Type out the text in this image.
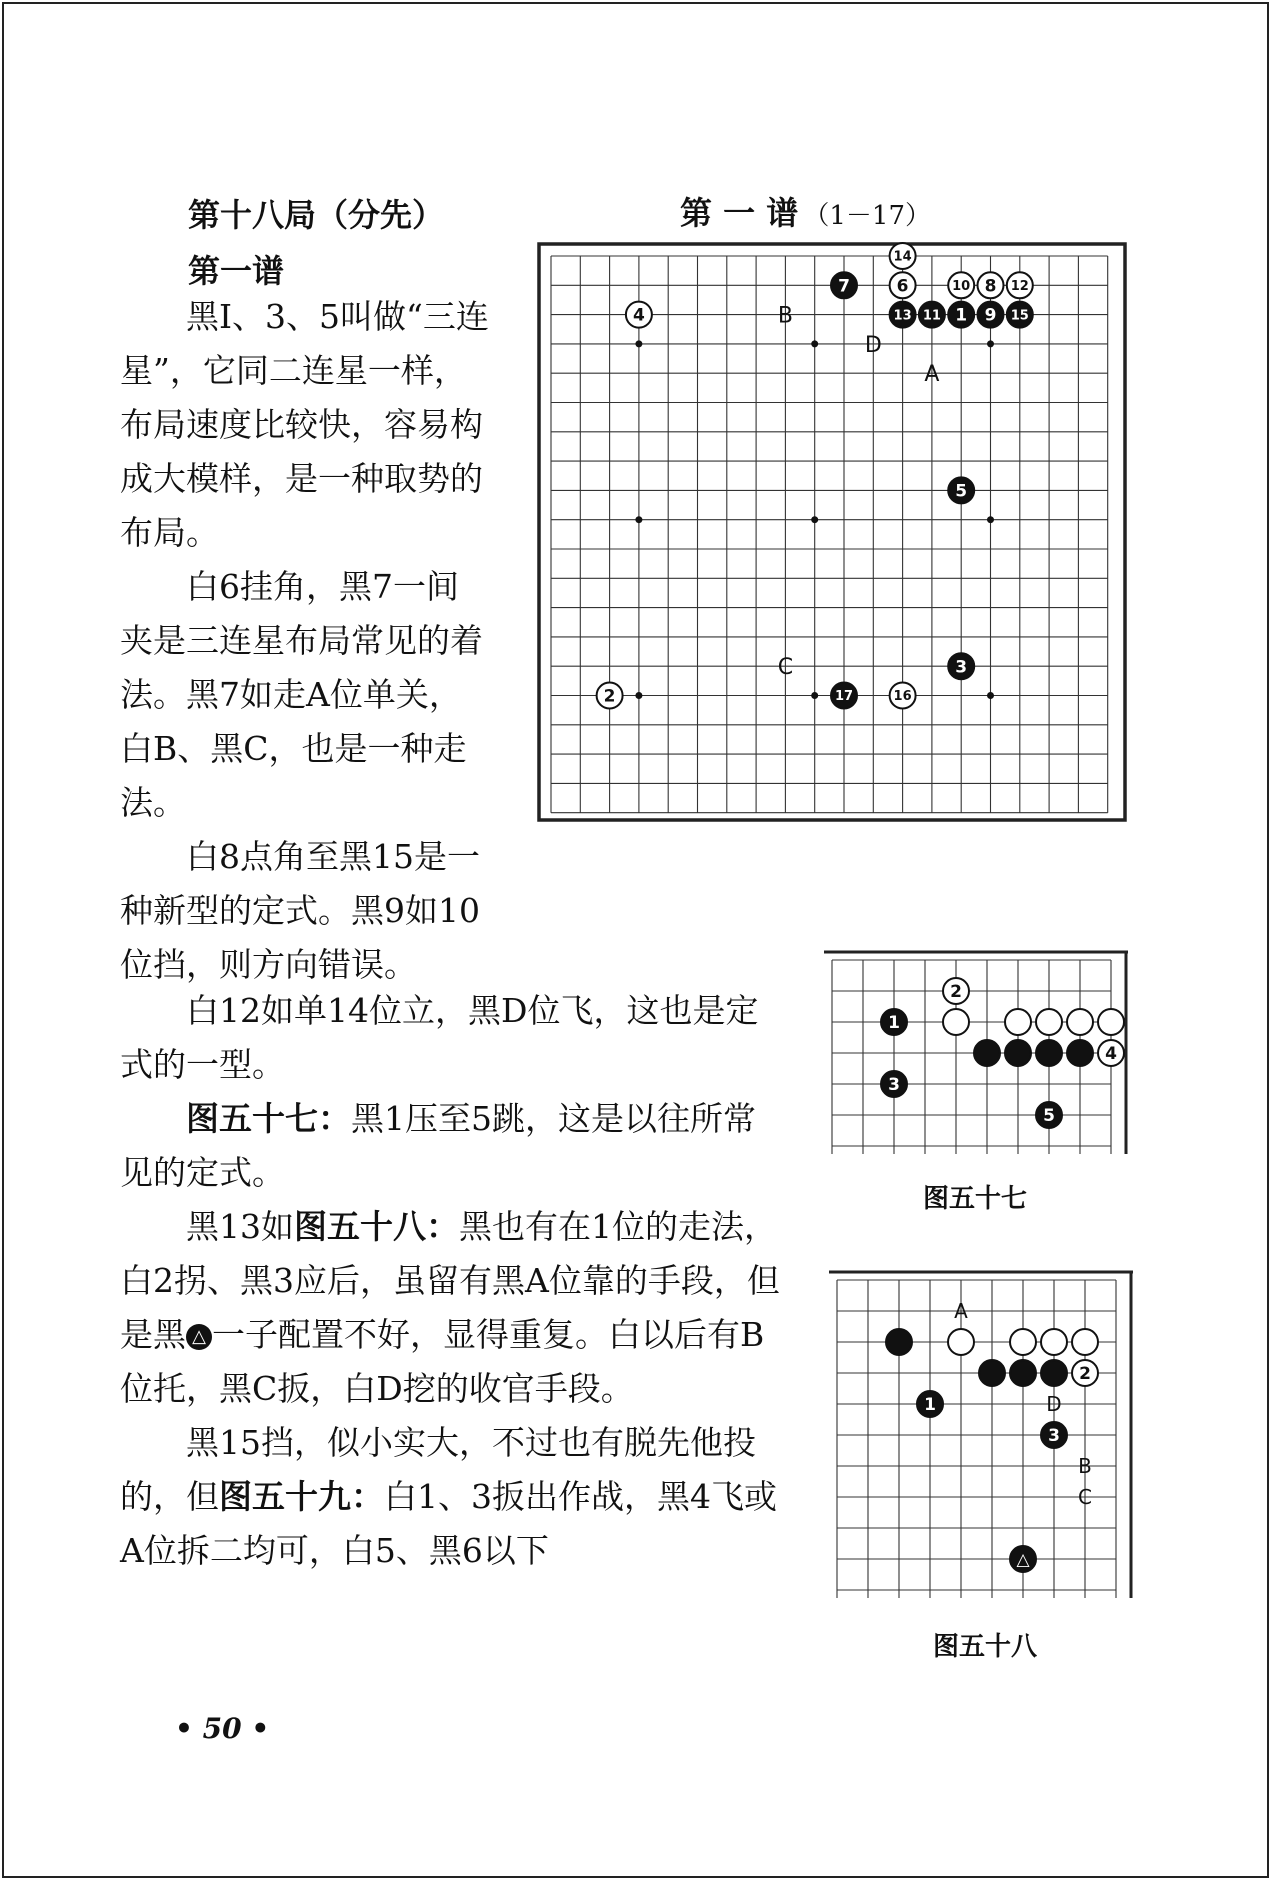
第十八局（分先）
第一谱
第 一 谱 （1－17）

黑Ⅰ、3、5叫做“三连星”，它同二连星一样，布局速度比较快，容易构成大模样，是一种取势的布局。

白6挂角，黑7一间夹是三连星布局常见的着法。黑7如走A位单关，白B、黑C，也是一种走法。

白8点角至黑15是一种新型的定式。黑9如10位挡，则方向错误。

白12如单14位立，黑D位飞，这也是定式的一型。

图五十七：黑1压至5跳，这是以往所常见的定式。

黑13如图五十八：黑也有在1位的走法，白2拐、黑3应后，虽留有黑A位靠的手段，但是黑 △ 一子配置不好，显得重复。白以后有B位托，黑C扳，白D挖的收官手段。

黑15挡，似小实大，不过也有脱先他投的，但图五十九：白1、3扳出作战，黑4飞或A位拆二均可，白5、黑6以下

A
B
C
D
14
7	6	10 8 12
13 11 1 9 15
4
5
3
2	17	16
2
1
4
3
5
图五十七
A
B
C
D
2
1
3
△
图五十八
• 50 •
